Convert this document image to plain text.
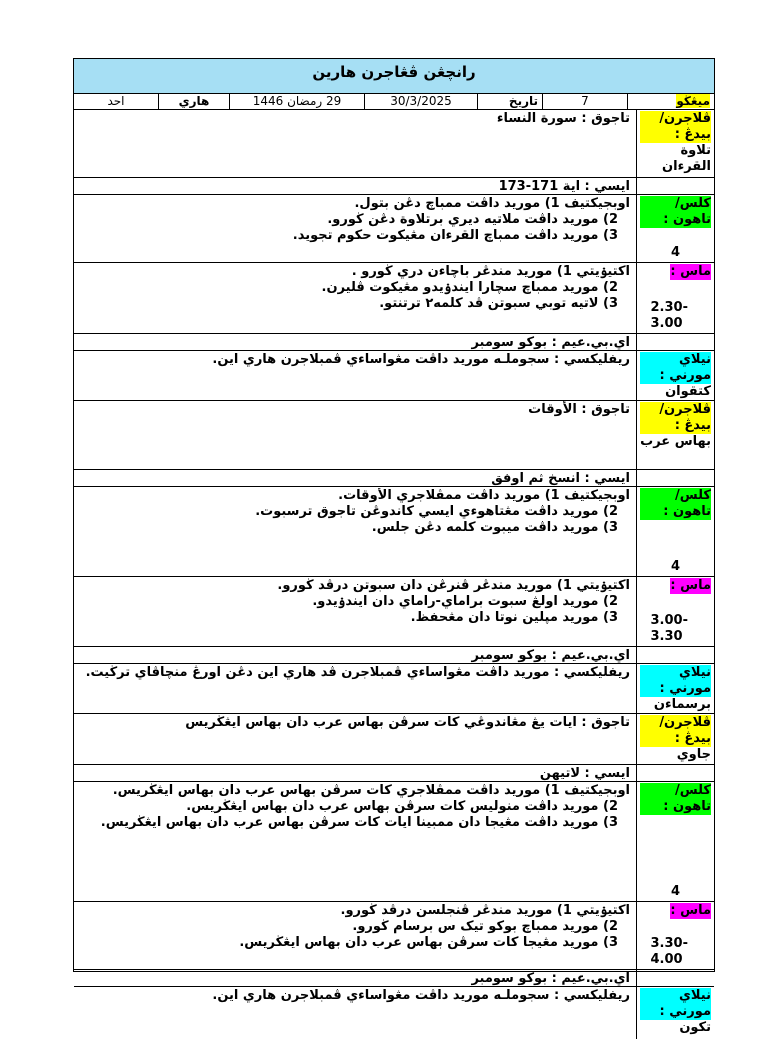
رانچڠن ڤڠاجرن هارين
ميڠڬو
7
تاريخ
30/3/2025
29 رمضان 1446
هاري
احد
ڤلاجرن/ بيدڠ :
تلاوة القرءان
تاجوق : سورة النساء
ايسي : اية 171-173
کلس/ تاهون :
4
اوبجيکتيف 1) موريد داڤت ممباچ دڠن بتول.
2) موريد داڤت ملاتيه ديري برتلاوة دڠن ڬورو.
3) موريد داڤت ممباچ القرءان مڠيکوت حکوم تجويد.
ماس :
2.30-3.00
اکتيۏيتي 1) موريد مندڠر باچاءن دري ڬورو .
2) موريد ممباچ سچارا ايندۏيدو مڠيکوت ڤليرن.
3) لاتيه توبي سبوتن ڤد کلمه٢ ترتنتو.
اي.بي.عيم : بوکو سومبر
نيلاي مورني :
کتقوان
ريفليکسي : سجوملـه موريد داڤت مڠواساءي ڤمبلاجرن هاري اين.
ڤلاجرن/ بيدڠ :
بهاس عرب
تاجوق : الأوقات
ايسي : انسخ ثم اوفق
کلس/ تاهون :
4
اوبجيکتيف 1) موريد داڤت ممڤلاجري الأوقات.
2) موريد داڤت مڠتاهوءي ايسي کاندوڠن تاجوق ترسبوت.
3) موريد داڤت ميبوت کلمه دڠن جلس.
ماس :
3.00-3.30
اکتيۏيتي 1) موريد مندڠر ڤنرڠن دان سبوتن درڤد ڬورو.
2) موريد اولڠ سبوت براماي-راماي دان ايندۏيدو.
3) موريد مڽلين نوتا دان مڠحفظ.
اي.بي.عيم : بوکو سومبر
نيلاي مورني :
برسماءن
ريفليکسي : موريد داڤت مڠواساءي ڤمبلاجرن ڤد هاري اين دڠن اورڠ منچاڤاي ترڬيت.
ڤلاجرن/ بيدڠ :
جاوي
تاجوق : ايات يڠ مڠاندوڠي کات سرڤن بهاس عرب دان بهاس ايڠڬريس
ايسي : لاتيهن
کلس/ تاهون :
4
اوبجيکتيف 1) موريد داڤت ممڤلاجري کات سرڤن بهاس عرب دان بهاس ايڠڬريس.
2) موريد داڤت منوليس کات سرڤن بهاس عرب دان بهاس ايڠڬريس.
3) موريد داڤت مڠيجا دان ممبينا ايات کات سرڤن بهاس عرب دان بهاس ايڠڬريس.
ماس :
3.30-4.00
اکتيۏيتي 1) موريد مندڠر ڤنجلسن درڤد ڬورو.
2) موريد ممباچ بوکو تيک س برسام ڬورو.
3) موريد مڠيجا کات سرڤن بهاس عرب دان بهاس ايڠڬريس.
اي.بي.عيم : بوکو سومبر
نيلاي مورني :
تکون
ريفليکسي : سجوملـه موريد داڤت مڠواساءي ڤمبلاجرن هاري اين.
